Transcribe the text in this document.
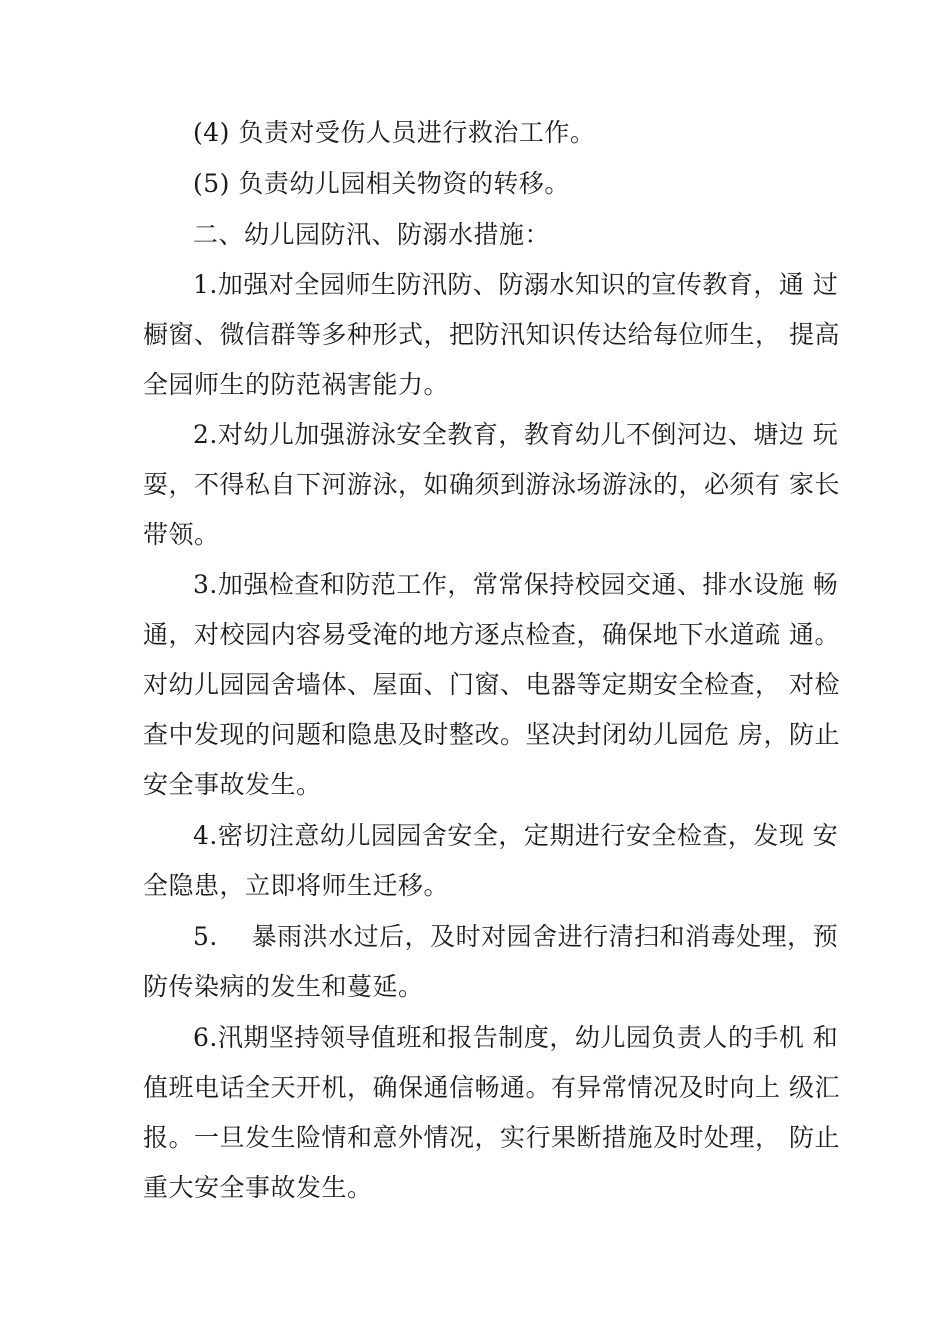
(4) 负责对受伤人员进行救治工作。
(5) 负责幼儿园相关物资的转移。
二、幼儿园防汛、防溺水措施：
1.加强对全园师生防汛防、防溺水知识的宣传教育，通 过
橱窗、微信群等多种形式，把防汛知识传达给每位师生， 提高
全园师生的防范祸害能力。
2.对幼儿加强游泳安全教育，教育幼儿不倒河边、塘边 玩
耍，不得私自下河游泳，如确须到游泳场游泳的，必须有 家长
带领。
3.加强检查和防范工作，常常保持校园交通、排水设施 畅
通，对校园内容易受淹的地方逐点检查，确保地下水道疏 通。
对幼儿园园舍墙体、屋面、门窗、电器等定期安全检查， 对检
查中发现的问题和隐患及时整改。坚决封闭幼儿园危 房，防止
安全事故发生。
4.密切注意幼儿园园舍安全，定期进行安全检查，发现 安
全隐患，立即将师生迁移。
5.    暴雨洪水过后，及时对园舍进行清扫和消毒处理，预
防传染病的发生和蔓延。
6.汛期坚持领导值班和报告制度，幼儿园负责人的手机 和
值班电话全天开机，确保通信畅通。有异常情况及时向上 级汇
报。一旦发生险情和意外情况，实行果断措施及时处理， 防止
重大安全事故发生。
